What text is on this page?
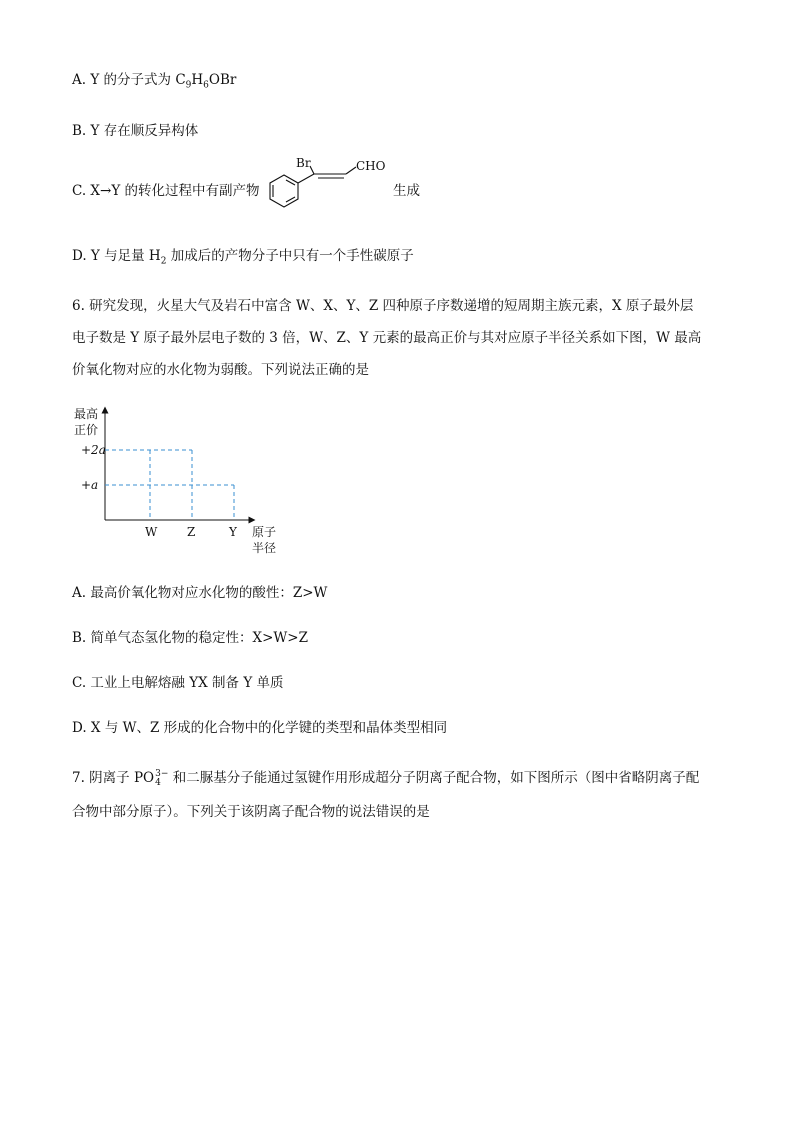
A. Y 的分子式为 $C_9H_6OBr$
B. Y 存在顺反异构体
C. X→Y 的转化过程中有副产物
Br	CHO
生成
D. Y 与足量 $H_2$ 加成后的产物分子中只有一个手性碳原子
6. 研究发现，火星大气及岩石中富含 W、X、Y、Z 四种原子序数递增的短周期主族元素，X 原子最外层
电子数是 Y 原子最外层电子数的 3 倍，W、Z、Y 元素的最高正价与其对应原子半径关系如下图，W 最高
价氧化物对应的水化物为弱酸。下列说法正确的是
最高
正价
+a
+2a
W Z	Y 原子
半径
A. 最高价氧化物对应水化物的酸性：Z>W
B. 简单气态氢化物的稳定性：X>W>Z
C. 工业上电解熔融 YX 制备 Y 单质
D. X 与 W、Z 形成的化合物中的化学键的类型和晶体类型相同
7. 阴离子 PO 3−
4 和二脲基分子能通过氢键作用形成超分子阴离子配合物，如下图所示（图中省略阴离子配
合物中部分原子）。下列关于该阴离子配合物的说法错误的是
